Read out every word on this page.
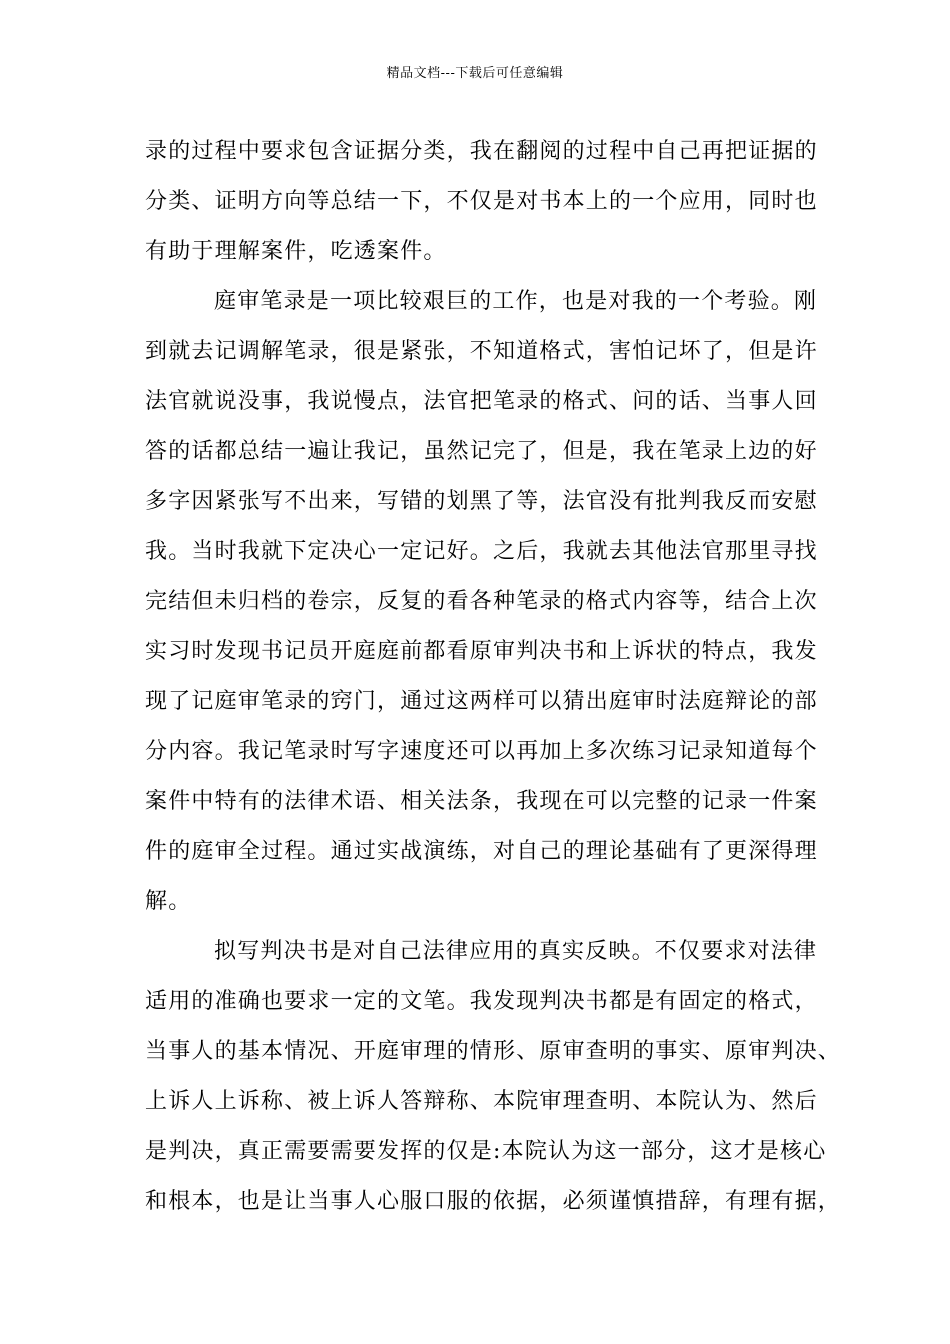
精品文档---下载后可任意编辑
录的过程中要求包含证据分类，我在翻阅的过程中自己再把证据的
分类、证明方向等总结一下，不仅是对书本上的一个应用，同时也
有助于理解案件，吃透案件。
庭审笔录是一项比较艰巨的工作，也是对我的一个考验。刚
到就去记调解笔录，很是紧张，不知道格式，害怕记坏了，但是许
法官就说没事，我说慢点，法官把笔录的格式、问的话、当事人回
答的话都总结一遍让我记，虽然记完了，但是，我在笔录上边的好
多字因紧张写不出来，写错的划黑了等，法官没有批判我反而安慰
我。当时我就下定决心一定记好。之后，我就去其他法官那里寻找
完结但未归档的卷宗，反复的看各种笔录的格式内容等，结合上次
实习时发现书记员开庭庭前都看原审判决书和上诉状的特点，我发
现了记庭审笔录的窍门，通过这两样可以猜出庭审时法庭辩论的部
分内容。我记笔录时写字速度还可以再加上多次练习记录知道每个
案件中特有的法律术语、相关法条，我现在可以完整的记录一件案
件的庭审全过程。通过实战演练，对自己的理论基础有了更深得理
解。
拟写判决书是对自己法律应用的真实反映。不仅要求对法律
适用的准确也要求一定的文笔。我发现判决书都是有固定的格式，
当事人的基本情况、开庭审理的情形、原审查明的事实、原审判决、
上诉人上诉称、被上诉人答辩称、本院审理查明、本院认为、然后
是判决，真正需要需要发挥的仅是:本院认为这一部分，这才是核心
和根本，也是让当事人心服口服的依据，必须谨慎措辞，有理有据，
